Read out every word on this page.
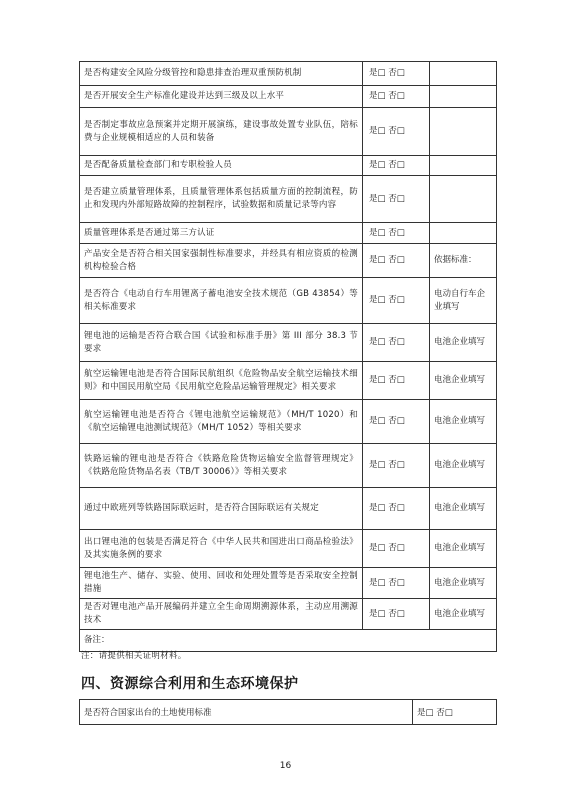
是否构建安全风险分级管控和隐患排查治理双重预防机制	是□ 否□	
是否开展安全生产标准化建设并达到三级及以上水平	是□ 否□	
是否制定事故应急预案并定期开展演练，建设事故处置专业队伍，陪标费与企业规模相适应的人员和装备	是□ 否□	
是否配备质量检查部门和专职检验人员	是□ 否□	
是否建立质量管理体系，且质量管理体系包括质量方面的控制流程，防止和发现内外部短路故障的控制程序，试验数据和质量记录等内容	是□ 否□	
质量管理体系是否通过第三方认证	是□ 否□	
产品安全是否符合相关国家强制性标准要求，并经具有相应资质的检测机构检验合格	是□ 否□	依据标准：
是否符合《电动自行车用锂离子蓄电池安全技术规范（GB 43854）等相关标准要求	是□ 否□	电动自行车企业填写
锂电池的运输是否符合联合国《试验和标准手册》第 III 部分 38.3 节要求	是□ 否□	电池企业填写
航空运输锂电池是否符合国际民航组织《危险物品安全航空运输技术细则》和中国民用航空局《民用航空危险品运输管理规定》相关要求	是□ 否□	电池企业填写
航空运输锂电池是否符合《锂电池航空运输规范》（MH/T 1020）和《航空运输锂电池测试规范》（MH/T 1052）等相关要求	是□ 否□	电池企业填写
铁路运输的锂电池是否符合《铁路危险货物运输安全监督管理规定》《铁路危险货物品名表（TB/T 30006）》等相关要求	是□ 否□	电池企业填写
通过中欧班列等铁路国际联运时，是否符合国际联运有关规定	是□ 否□	电池企业填写
出口锂电池的包装是否满足符合《中华人民共和国进出口商品检验法》及其实施条例的要求	是□ 否□	电池企业填写
锂电池生产、储存、实验、使用、回收和处理处置等是否采取安全控制措施	是□ 否□	电池企业填写
是否对锂电池产品开展编码并建立全生命周期溯源体系，主动应用溯源技术	是□ 否□	电池企业填写
备注：		
注：请提供相关证明材料。
四、资源综合利用和生态环境保护
是否符合国家出台的土地使用标准	是□ 否□
16
